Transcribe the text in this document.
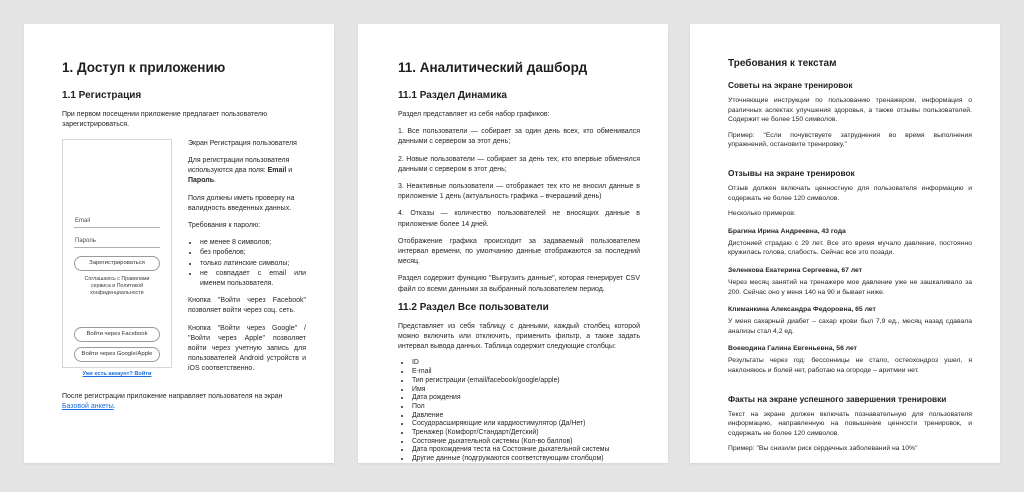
1. Доступ к приложению
1.1 Регистрация

При первом посещении приложение предлагает пользователю зарегистрироваться.

Email
Пароль
Зарегистрироваться
Соглашаюсь с Правилами сервиса и Политикой конфиденциальности
Войти через Facebook
Войти через Google/Apple
Уже есть аккаунт? Войти

Экран Регистрация пользователя

Для регистрации пользователя используются два поля: Email и Пароль.

Поля должны иметь проверку на валидность введенных данных.

Требования к паролю:

• не менее 8 символов;
• без пробелов;
• только латинские символы;
• не совпадает с email или именем пользователя.

Кнопка "Войти через Facebook" позволяет войти через соц. сеть.

Кнопка "Войти через Google" / "Войти через Apple" позволяет войти через учетную запись для пользователей Android устройств и iOS соответственно.

После регистрации приложение направляет пользователя на экран Базовой анкеты.

11. Аналитический дашборд
11.1 Раздел Динамика

Раздел представляет из себя набор графиков:

1. Все пользователи — собирает за один день всех, кто обменивался данными с сервером за этот день;

2. Новые пользователи — собирает за день тех, кто впервые обменялся данными с сервером в этот день;

3. Неактивные пользователи — отображает тех кто не вносил данные в приложение 1 день (актуальность графика – вчерашний день)

4. Отказы — количество пользователей не вносящих данные в приложение более 14 дней.

Отображение графика происходит за задаваемый пользователем интервал времени, по умолчанию данные отображаются за последний месяц.

Раздел содержит функцию "Выгрузить данные", которая генерирует CSV файл со всеми данными за выбранный пользователем период.

11.2 Раздел Все пользователи

Представляет из себя таблицу с данными, каждый столбец которой можно включить или отключить, применить фильтр, а также задать интервал вывода данных. Таблица содержит следующие столбцы:

• ID
• E-mail
• Тип регистрации (email/facebook/google/apple)
• Имя
• Дата рождения
• Пол
• Давление
• Сосудорасширяющие или кардиостимулятор (Да/Нет)
• Тренажер (Комфорт/Стандарт/Детский)
• Состояние дыхательной системы (Кол-во баллов)
• Дата прохождения теста на Состояние дыхательной системы
• Другие данные (подгружаются соответствующим столбцом)
Требования к текстам
Советы на экране тренировок

Уточняющие инструкции по пользованию тренажером, информация о различных аспектах улучшения здоровья, а также отзывы пользователей. Содержит не более 150 символов.

Пример: "Если почувствуете затруднения во время выполнения упражнений, остановите тренировку."

Отзывы на экране тренировок

Отзыв должен включать ценностную для пользователя информацию и содержать не более 120 символов.

Несколько примеров:

Брагина Ирина Андреевна, 43 года

Дистонией страдаю с 29 лет. Все это время мучало давление, постоянно кружилась голова, слабость. Сейчас все это позади.

Зеленкова Екатерина Сергеевна, 67 лет

Через месяц занятий на тренажере мое давление уже не зашкаливало за 200. Сейчас оно у меня 140 на 90 и бывает ниже.

Климанкина Александра Федоровна, 65 лет

У меня сахарный диабет – сахар крови был 7,9 ед., месяц назад сдавала анализы стал 4,2 ед.

Воеводина Галина Евгеньевна, 56 лет

Результаты через год: бессонницы не стало, остеохондроз ушел, я наклоняюсь и болей нет, работаю на огороде – аритмии нет.

Факты на экране успешного завершения тренировки

Текст на экране должен включать познавательную для пользователя информацию, направленную на повышение ценности тренировок, и содержать не более 120 символов.

Пример: "Вы снизили риск сердечных заболеваний на 10%"
